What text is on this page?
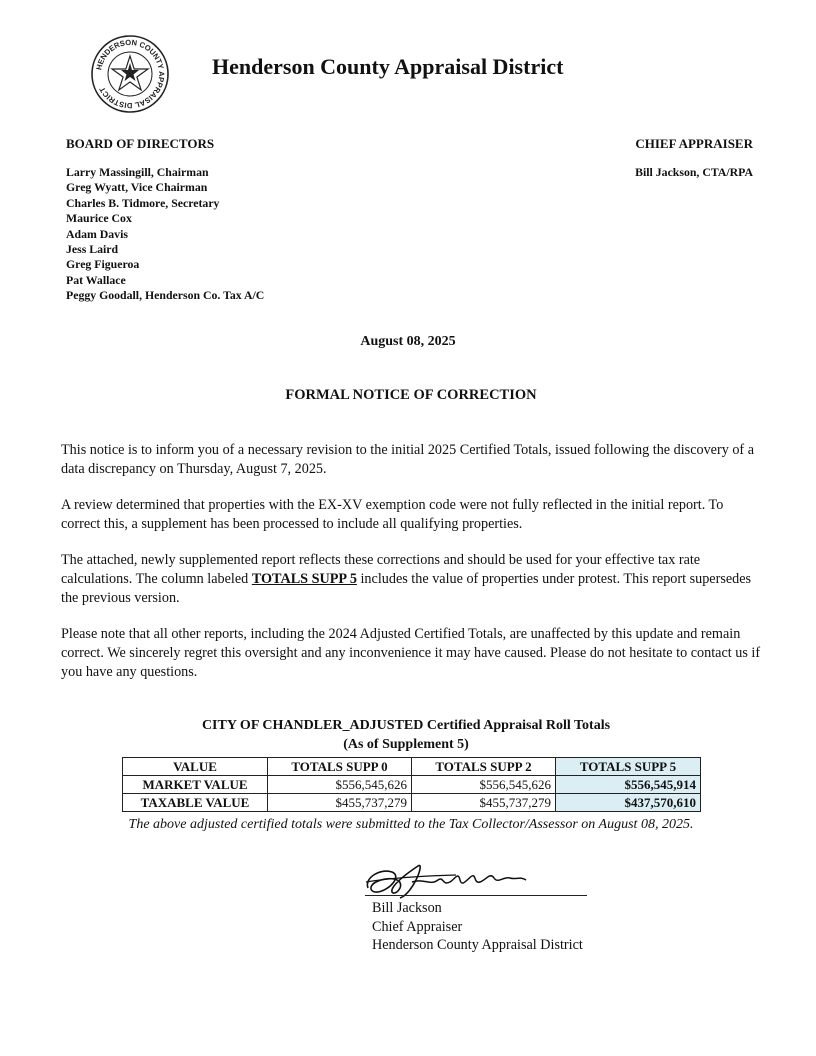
HENDERSON COUNTY APPRAISAL DISTRICT
Henderson County Appraisal District
BOARD OF DIRECTORS	CHIEF APPRAISER
Larry Massingill, Chairman
Greg Wyatt, Vice Chairman
Charles B. Tidmore, Secretary
Maurice Cox
Adam Davis
Jess Laird
Greg Figueroa
Pat Wallace
Peggy Goodall, Henderson Co. Tax A/C
Bill Jackson, CTA/RPA
August 08, 2025
FORMAL NOTICE OF CORRECTION
This notice is to inform you of a necessary revision to the initial 2025 Certified Totals, issued following the discovery of a data discrepancy on Thursday, August 7, 2025.
A review determined that properties with the EX-XV exemption code were not fully reflected in the initial report. To correct this, a supplement has been processed to include all qualifying properties.
The attached, newly supplemented report reflects these corrections and should be used for your effective tax rate calculations. The column labeled TOTALS SUPP 5 includes the value of properties under protest. This report supersedes the previous version.
Please note that all other reports, including the 2024 Adjusted Certified Totals, are unaffected by this update and remain correct. We sincerely regret this oversight and any inconvenience it may have caused. Please do not hesitate to contact us if you have any questions.
CITY OF CHANDLER_ADJUSTED Certified Appraisal Roll Totals
(As of Supplement 5)
VALUE	TOTALS SUPP 0	TOTALS SUPP 2	TOTALS SUPP 5
MARKET VALUE	$556,545,626	$556,545,626	$556,545,914
TAXABLE VALUE	$455,737,279	$455,737,279	$437,570,610
The above adjusted certified totals were submitted to the Tax Collector/Assessor on August 08, 2025.
Bill Jackson
Chief Appraiser
Henderson County Appraisal District
